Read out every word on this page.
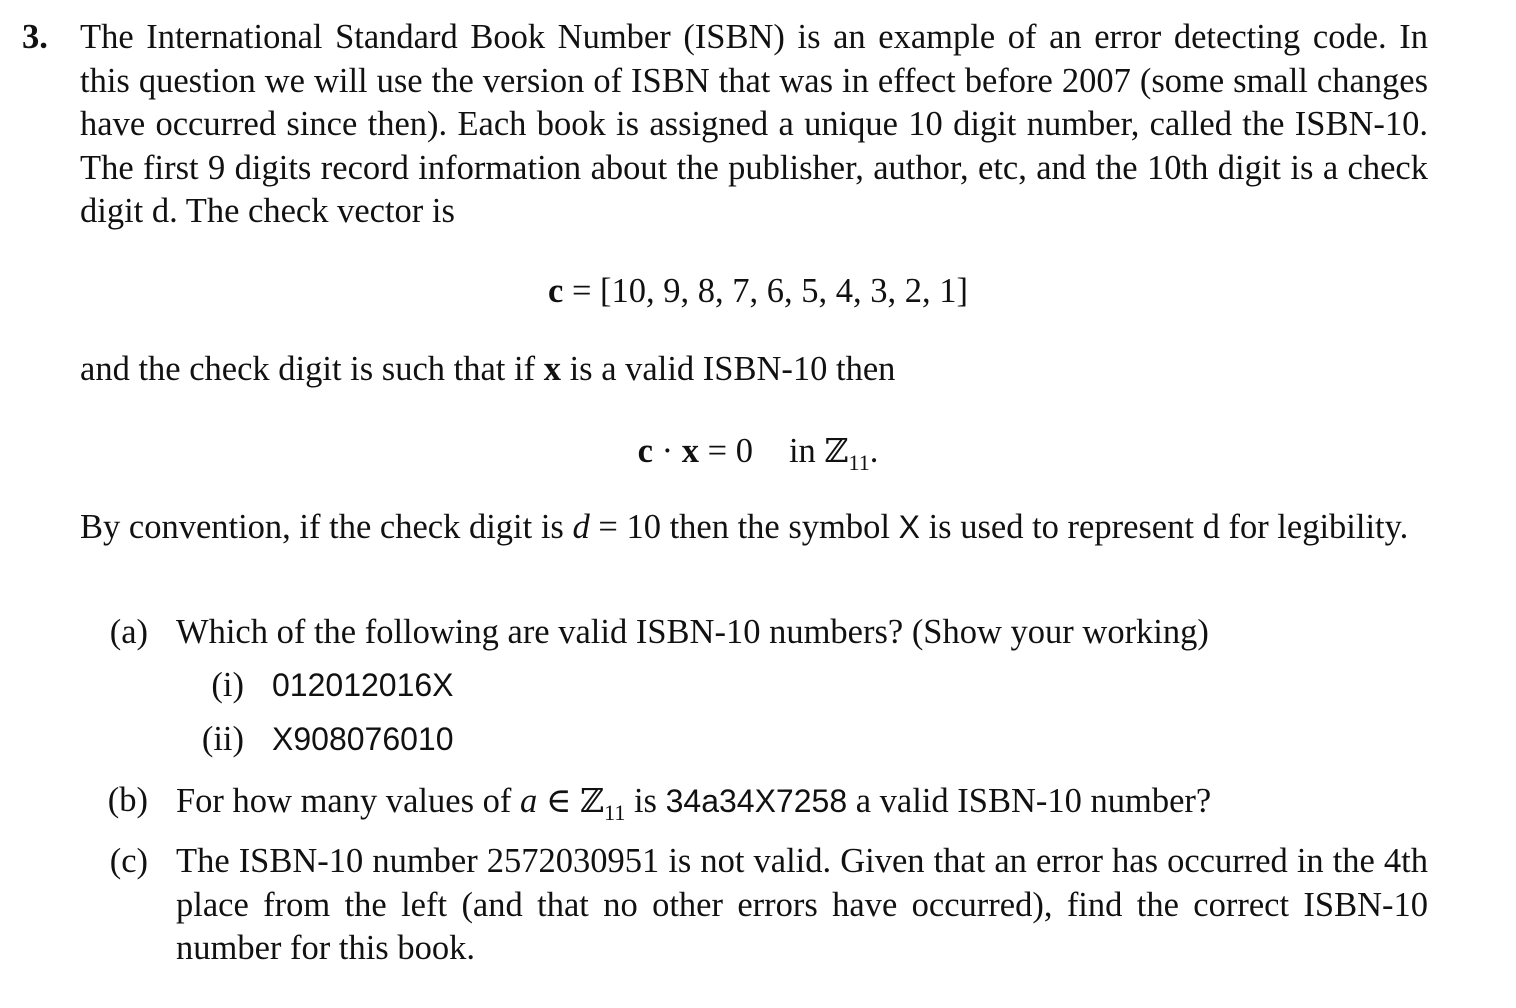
3. The International Standard Book Number (ISBN) is an example of an error detecting code. In this question we will use the version of ISBN that was in effect before 2007 (some small changes have occurred since then). Each book is assigned a unique 10 digit number, called the ISBN-10. The first 9 digits record information about the publisher, author, etc, and the 10th digit is a check digit d. The check vector is

c = [10, 9, 8, 7, 6, 5, 4, 3, 2, 1]

and the check digit is such that if x is a valid ISBN-10 then

c · x = 0 in ℤ$_{11}$.

By convention, if the check digit is d = 10 then the symbol X is used to represent d for legibility.

(a) Which of the following are valid ISBN-10 numbers? (Show your working)

(i) 012012016X
(ii) X908076010
(b) For how many values of a ∈ ℤ$_{11}$ is 34a34X7258 a valid ISBN-10 number?

(c) The ISBN-10 number 2572030951 is not valid. Given that an error has occurred in the 4th place from the left (and that no other errors have occurred), find the correct ISBN-10 number for this book.
